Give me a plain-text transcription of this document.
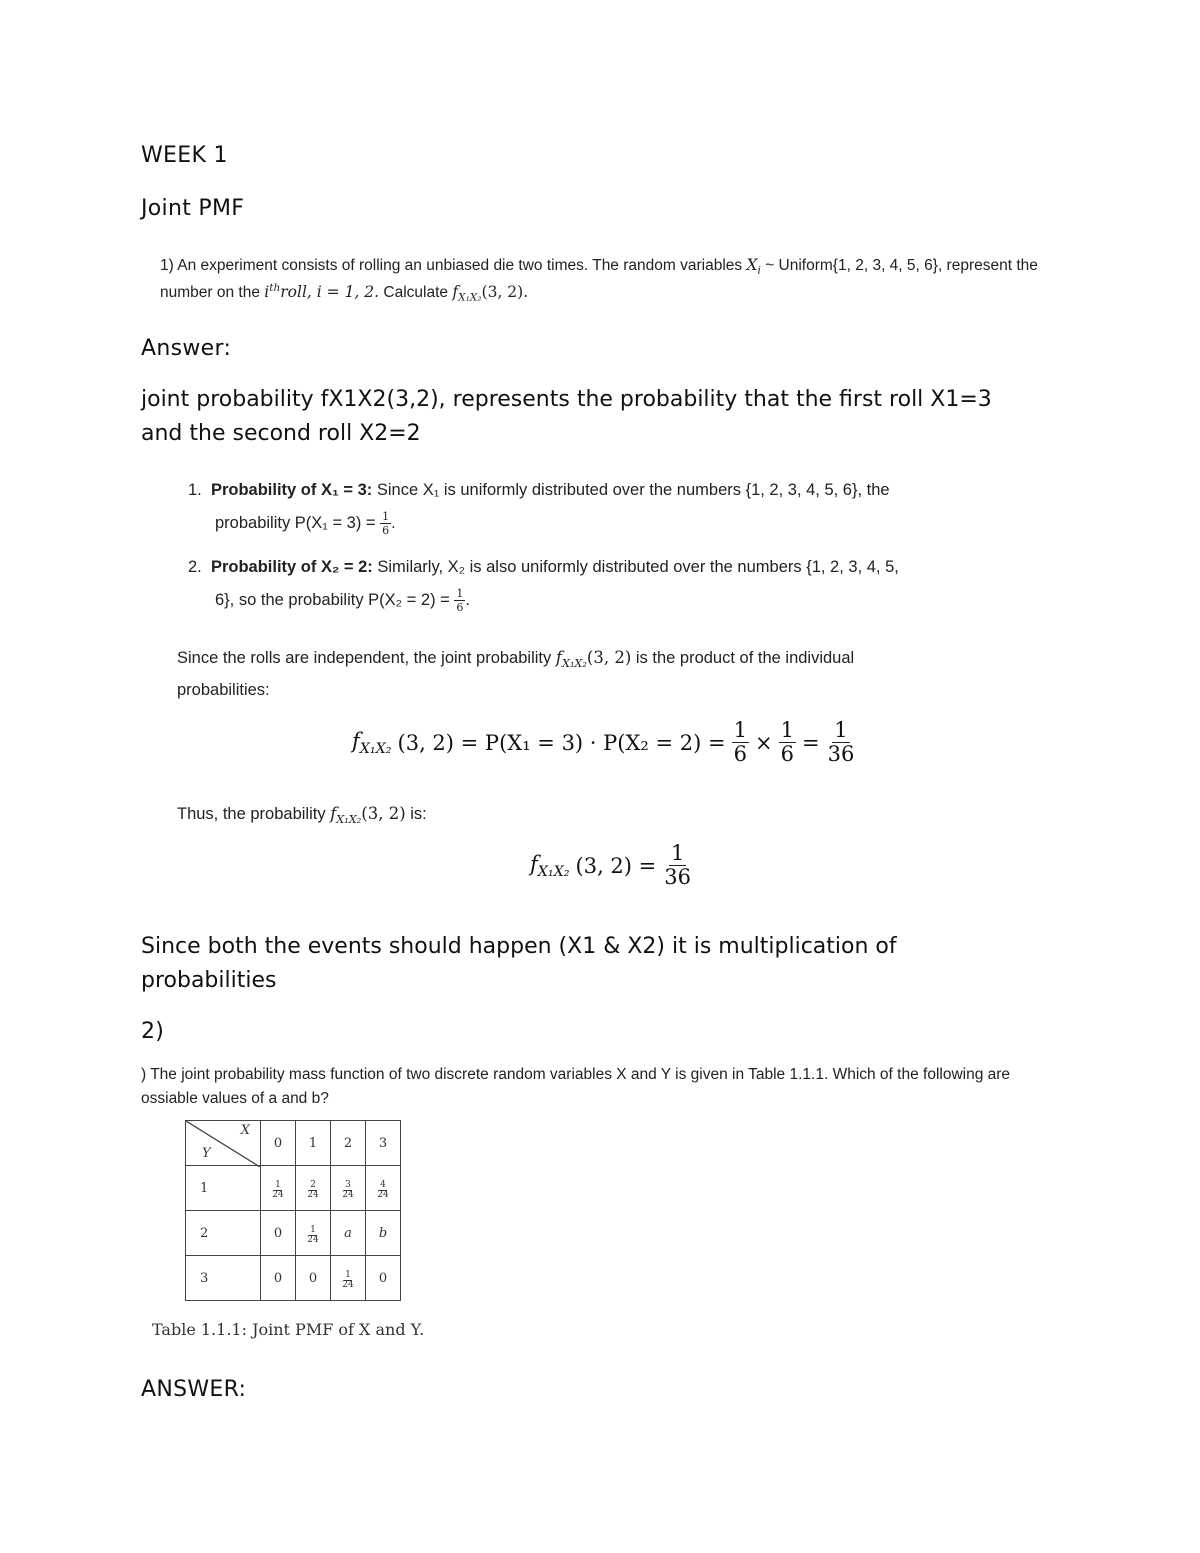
WEEK 1
Joint PMF
1) An experiment consists of rolling an unbiased die two times. The random variables $X_i$ ~ Uniform{1, 2, 3, 4, 5, 6}, represent the
number on the $i^{th}roll$, i = 1, 2. Calculate $f_{X_1X_2}(3$, 2).
Answer:
joint probability fX1X2(3,2), represents the probability that the first roll X1=3 and the second roll X2=2
1. Probability of X₁ = 3: Since X₁ is uniformly distributed over the numbers {1, 2, 3, 4, 5, 6}, the
probability $P(X_1 = 3) = \frac{1}{6}$ .
2. Probability of X₂ = 2: Similarly, X₂ is also uniformly distributed over the numbers {1, 2, 3, 4, 5,
6}, so the probability $P(X_2 = 2) = \frac{1}{6}$ .
Since the rolls are independent, the joint probability $f_{X_1X_2}(3$, 2) is the product of the individual
probabilities:
$f_{X_1X_2}$ (3, $2) = P(X_1 = 3) \cdot P(X_2 = 2) = \frac{1}{6} \times \frac{1}{6} = \frac{1}{36}$
Thus, the probability $f_{X_1X_2}(3$, 2) is:
$f_{X_1X_2}$ (3, $2) = \frac{1}{36}$
Since both the events should happen (X1 & X2) it is multiplication of probabilities
2)
) The joint probability mass function of two discrete random variables X and Y is given in Table 1.1.1. Which of the following are
ossiable values of a and b?
X
Y	0	1	2	3
1	$\frac{1}{24}$	$\frac{2}{24}$	$\frac{3}{24}$	$\frac{4}{24}$

2	0	$\frac{1}{24}$	a	b
3	0	0	$\frac{1}{24}$	0
Table 1.1.1: Joint PMF of X and Y.
ANSWER:
